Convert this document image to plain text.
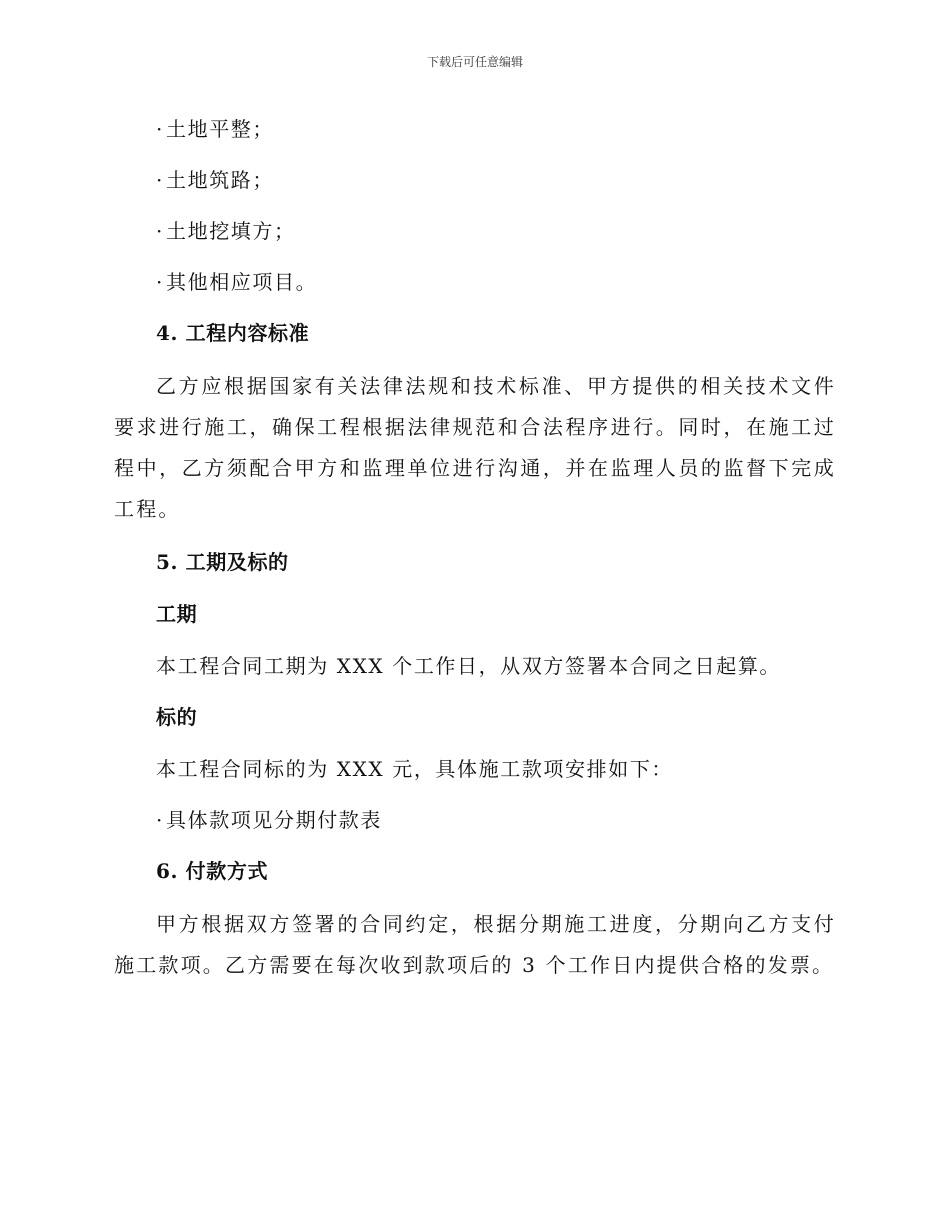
下载后可任意编辑

· 土地平整；

· 土地筑路；

· 土地挖填方；

· 其他相应项目。

4. 工程内容标准

乙方应根据国家有关法律法规和技术标准、甲方提供的相关技术文件要求进行施工，确保工程根据法律规范和合法程序进行。同时，在施工过程中，乙方须配合甲方和监理单位进行沟通，并在监理人员的监督下完成工程。

5. 工期及标的
工期

本工程合同工期为 XXX 个工作日，从双方签署本合同之日起算。

标的

本工程合同标的为 XXX 元，具体施工款项安排如下：

· 具体款项见分期付款表

6. 付款方式

甲方根据双方签署的合同约定，根据分期施工进度，分期向乙方支付施工款项。乙方需要在每次收到款项后的 3 个工作日内提供合格的发票。
